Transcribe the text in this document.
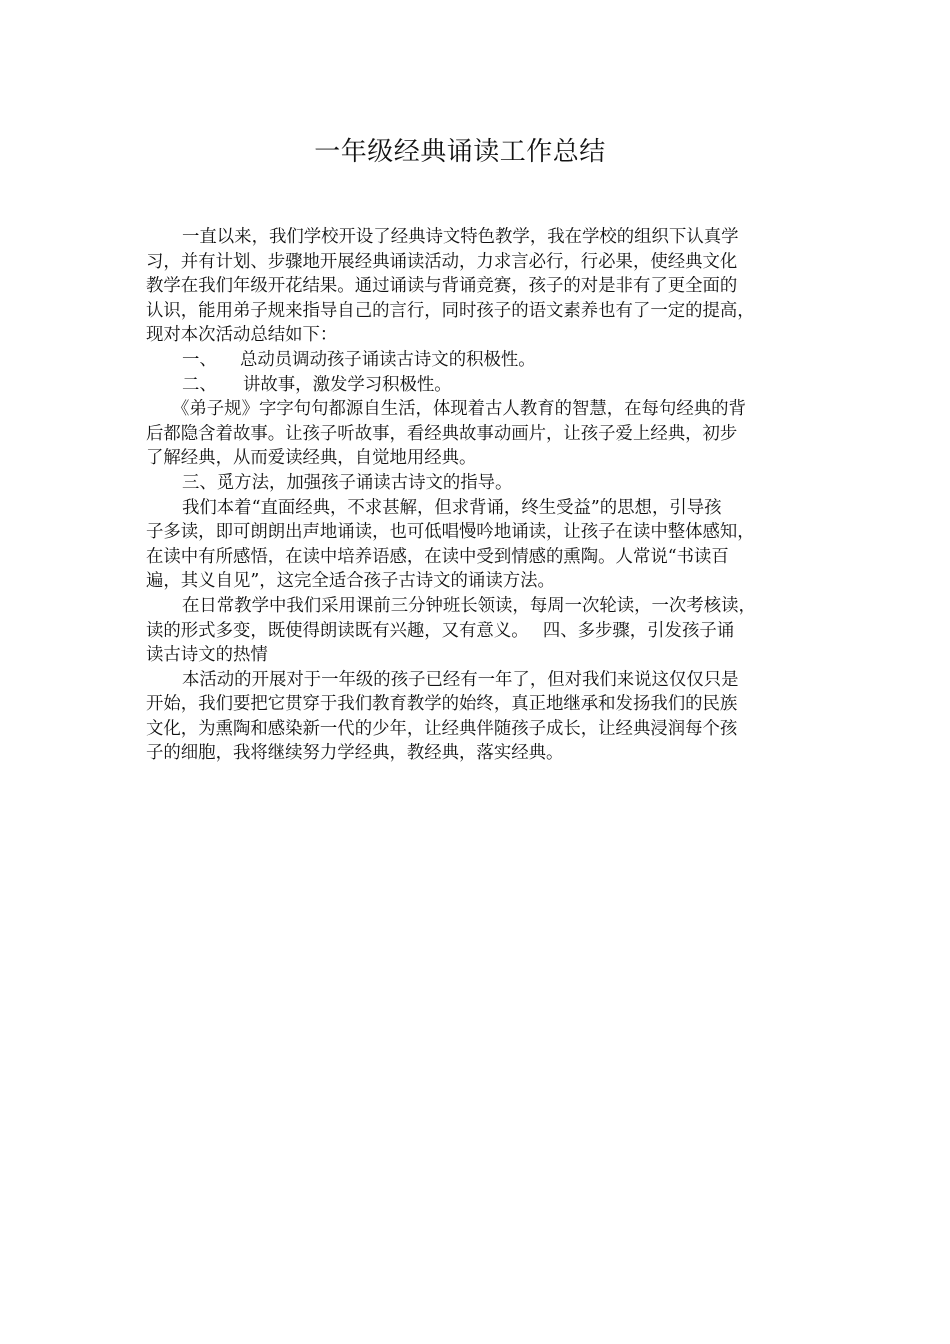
一年级经典诵读工作总结
一直以来，我们学校开设了经典诗文特色教学，我在学校的组织下认真学
习，并有计划、步骤地开展经典诵读活动，力求言必行，行必果，使经典文化
教学在我们年级开花结果。通过诵读与背诵竞赛，孩子的对是非有了更全面的
认识，能用弟子规来指导自己的言行，同时孩子的语文素养也有了一定的提高，
现对本次活动总结如下：
一、 总动员调动孩子诵读古诗文的积极性。
二、 讲故事，激发学习积极性。
《弟子规》字字句句都源自生活，体现着古人教育的智慧，在每句经典的背
后都隐含着故事。让孩子听故事，看经典故事动画片，让孩子爱上经典，初步
了解经典，从而爱读经典，自觉地用经典。
三、觅方法，加强孩子诵读古诗文的指导。
我们本着“直面经典，不求甚解，但求背诵，终生受益”的思想，引导孩
子多读，即可朗朗出声地诵读，也可低唱慢吟地诵读，让孩子在读中整体感知，
在读中有所感悟，在读中培养语感，在读中受到情感的熏陶。人常说“书读百
遍，其义自见”，这完全适合孩子古诗文的诵读方法。
在日常教学中我们采用课前三分钟班长领读，每周一次轮读，一次考核读，
读的形式多变，既使得朗读既有兴趣，又有意义。　 四、多步骤，引发孩子诵
读古诗文的热情
本活动的开展对于一年级的孩子已经有一年了，但对我们来说这仅仅只是
开始，我们要把它贯穿于我们教育教学的始终，真正地继承和发扬我们的民族
文化，为熏陶和感染新一代的少年，让经典伴随孩子成长，让经典浸润每个孩
子的细胞，我将继续努力学经典，教经典，落实经典。
